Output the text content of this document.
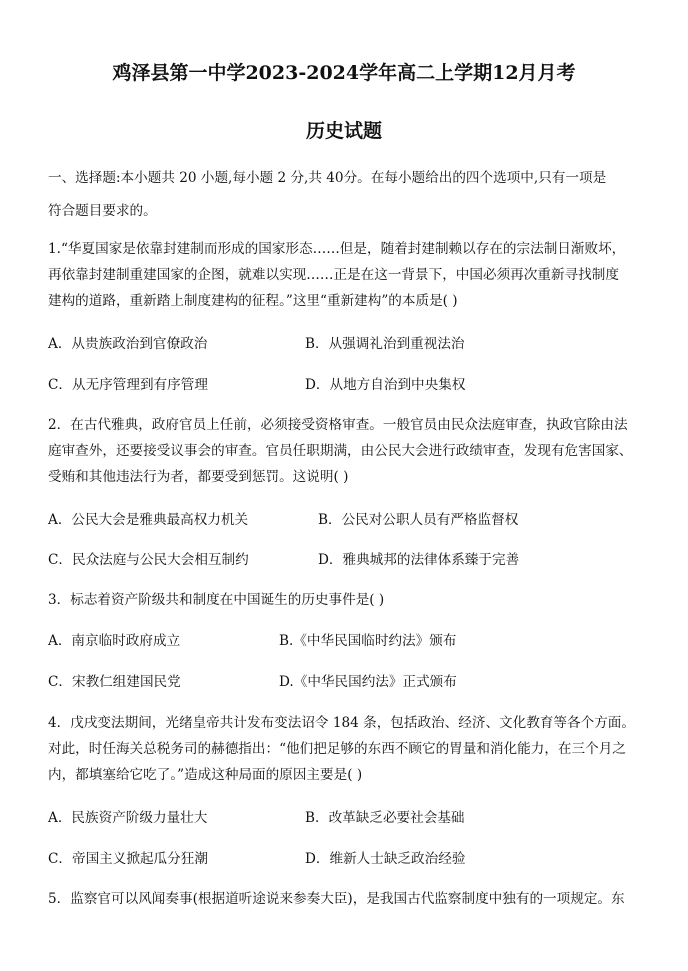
鸡泽县第一中学2023-2024学年高二上学期12月月考
历史试题
一、选择题:本小题共 20 小题,每小题 2 分,共 40分。在每小题给出的四个选项中,只有一项是
符合题目要求的。
1.“华夏国家是依靠封建制而形成的国家形态……但是，随着封建制赖以存在的宗法制日渐败坏，
再依靠封建制重建国家的企图，就难以实现……正是在这一背景下，中国必须再次重新寻找制度
建构的道路，重新踏上制度建构的征程。”这里“重新建构”的本质是( )
A．从贵族政治到官僚政治	B．从强调礼治到重视法治
C．从无序管理到有序管理	D．从地方自治到中央集权
2．在古代雅典，政府官员上任前，必须接受资格审查。一般官员由民众法庭审查，执政官除由法
庭审查外，还要接受议事会的审查。官员任职期满，由公民大会进行政绩审查，发现有危害国家、
受贿和其他违法行为者，都要受到惩罚。这说明( )
A．公民大会是雅典最高权力机关	B．公民对公职人员有严格监督权
C．民众法庭与公民大会相互制约	D．雅典城邦的法律体系臻于完善
3．标志着资产阶级共和制度在中国诞生的历史事件是( )
A．南京临时政府成立	B.《中华民国临时约法》颁布
C．宋教仁组建国民党	D.《中华民国约法》正式颁布
4．戊戌变法期间，光绪皇帝共计发布变法诏令 184 条，包括政治、经济、文化教育等各个方面。
对此，时任海关总税务司的赫德指出：“他们把足够的东西不顾它的胃量和消化能力，在三个月之
内，都填塞给它吃了。”造成这种局面的原因主要是( )
A．民族资产阶级力量壮大	B．改革缺乏必要社会基础
C．帝国主义掀起瓜分狂潮	D．维新人士缺乏政治经验
5．监察官可以风闻奏事(根据道听途说来参奏大臣)，是我国古代监察制度中独有的一项规定。东
